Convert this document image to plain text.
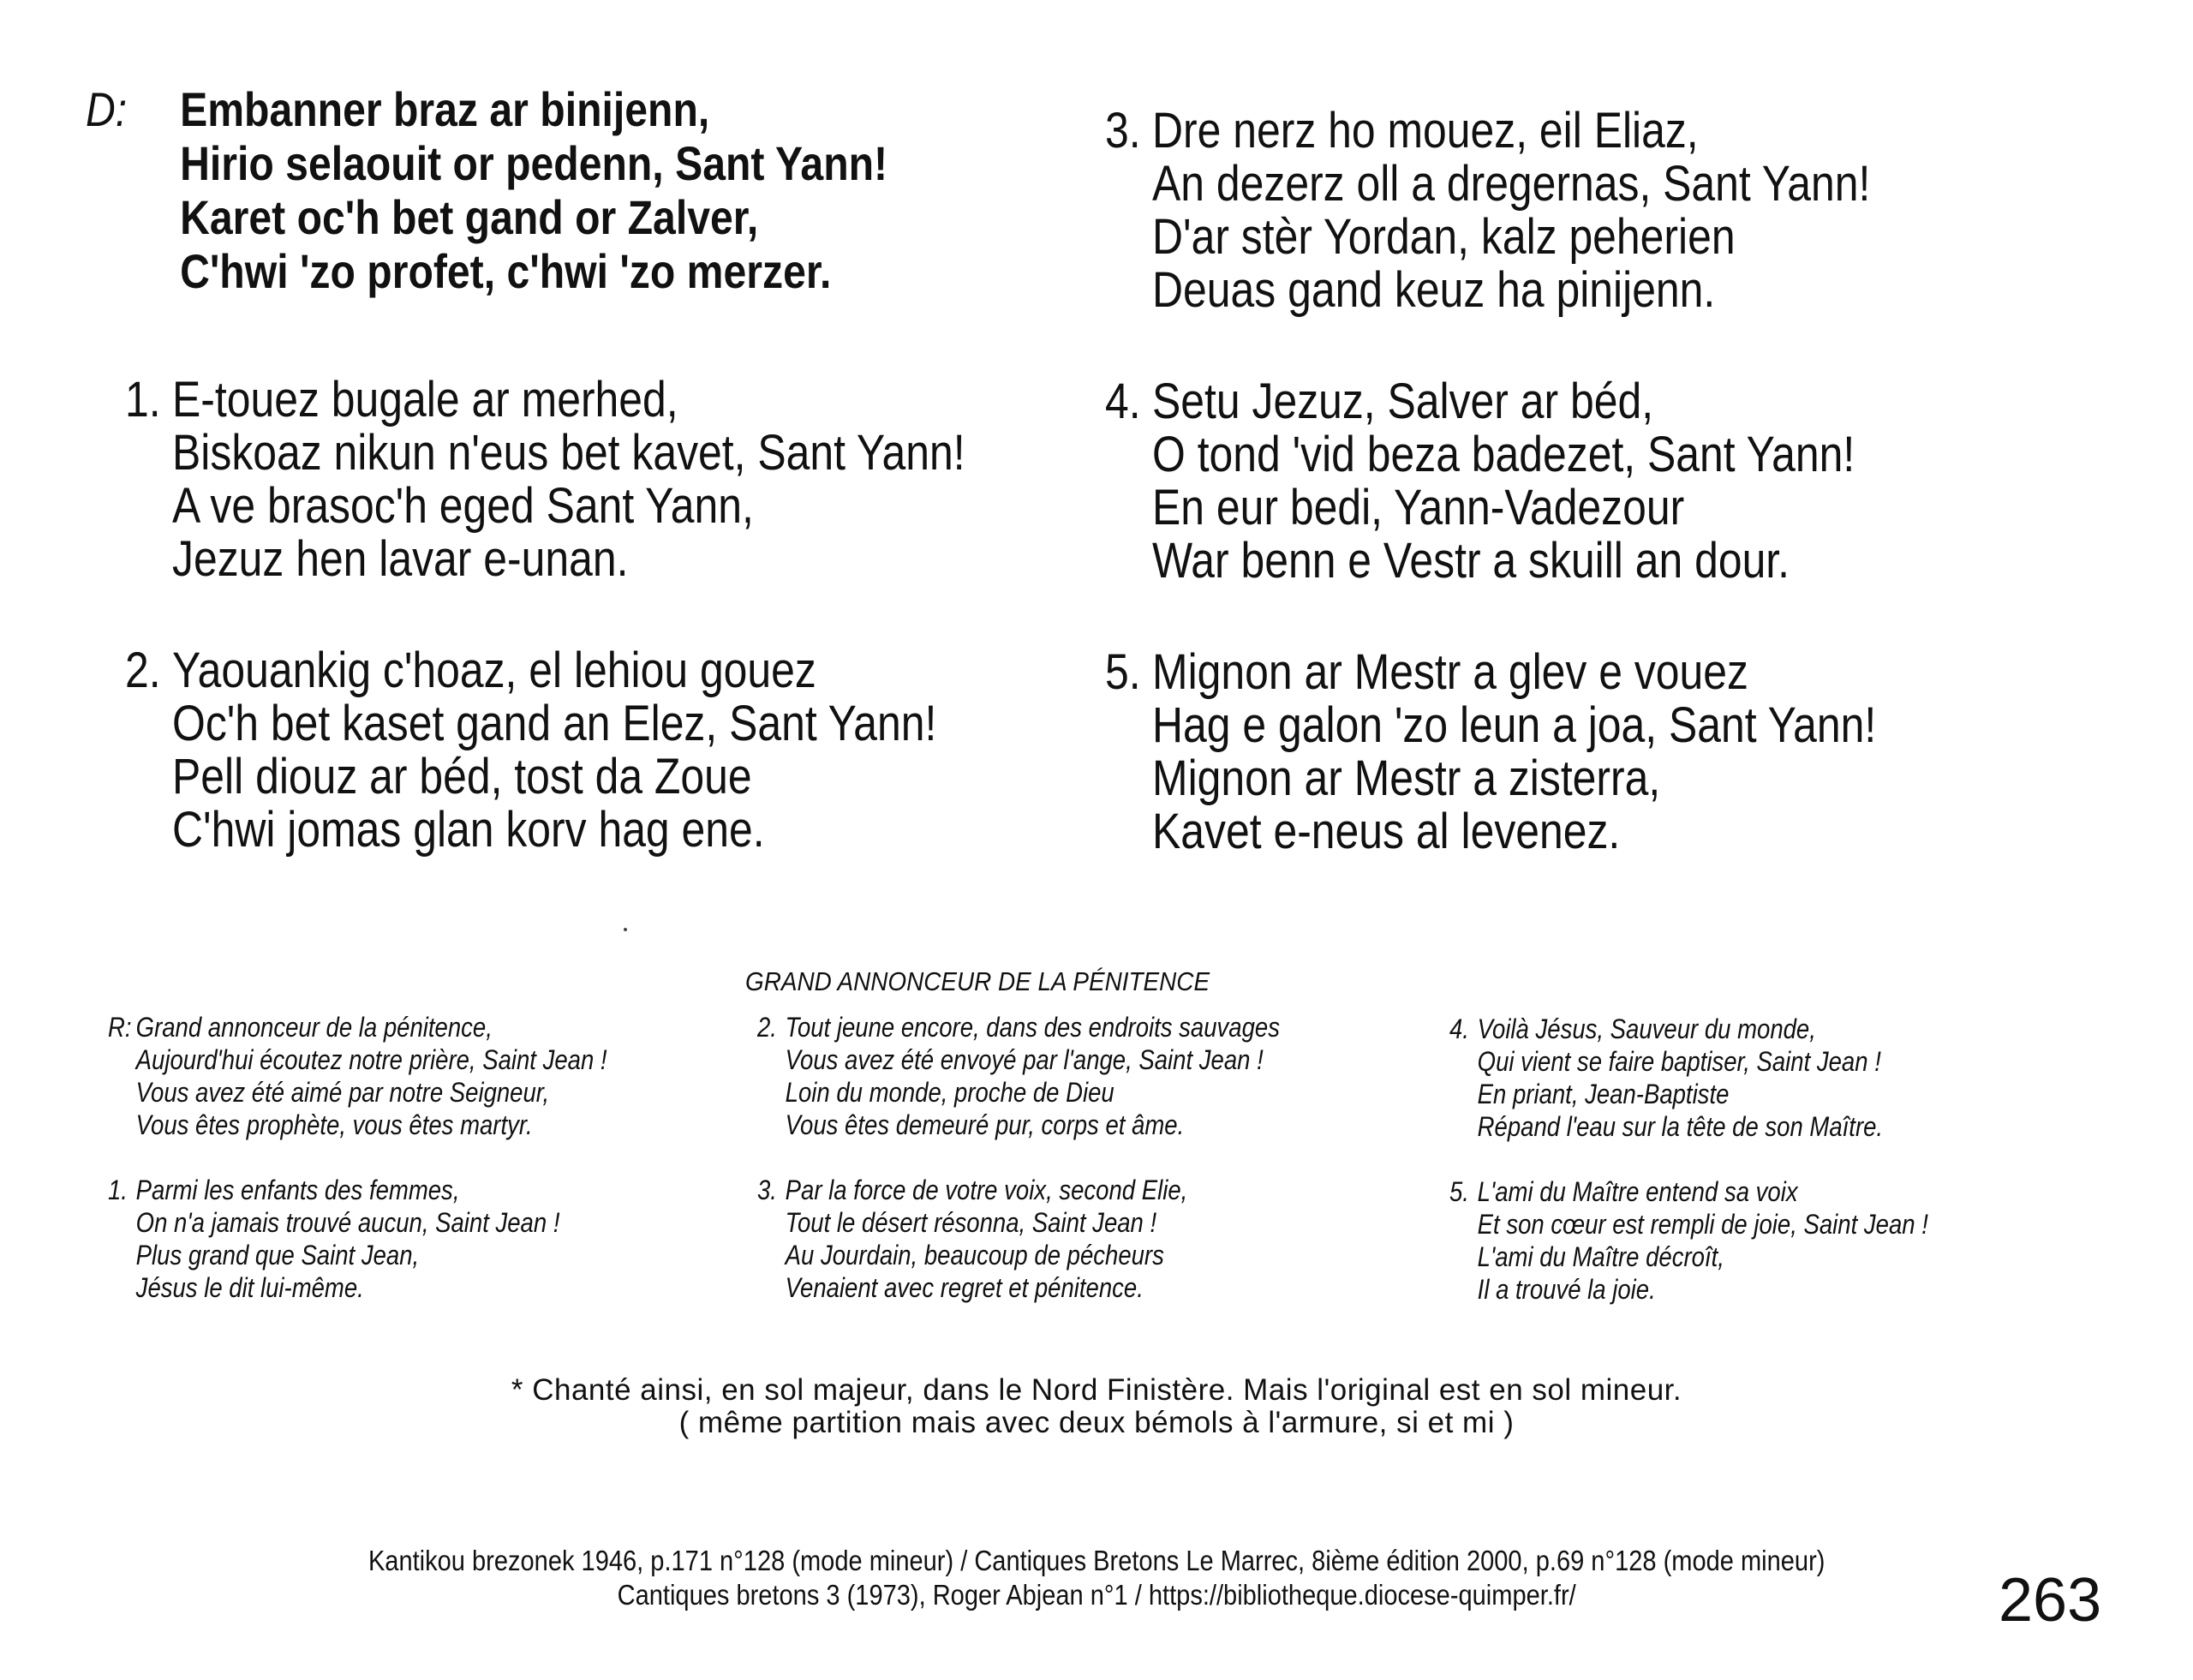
D: Embanner braz ar binijenn,
Hirio selaouit or pedenn, Sant Yann!
Karet oc'h bet gand or Zalver,
C'hwi 'zo profet, c'hwi 'zo merzer.
1. E-touez bugale ar merhed,
Biskoaz nikun n'eus bet kavet, Sant Yann!
A ve brasoc'h eged Sant Yann,
Jezuz hen lavar e-unan.
2. Yaouankig c'hoaz, el lehiou gouez
Oc'h bet kaset gand an Elez, Sant Yann!
Pell diouz ar béd, tost da Zoue
C'hwi jomas glan korv hag ene.
3. Dre nerz ho mouez, eil Eliaz,
An dezerz oll a dregernas, Sant Yann!
D'ar stèr Yordan, kalz peherien
Deuas gand keuz ha pinijenn.
4. Setu Jezuz, Salver ar béd,
O tond 'vid beza badezet, Sant Yann!
En eur bedi, Yann-Vadezour
War benn e Vestr a skuill an dour.
5. Mignon ar Mestr a glev e vouez
Hag e galon 'zo leun a joa, Sant Yann!
Mignon ar Mestr a zisterra,
Kavet e-neus al levenez.
GRAND ANNONCEUR DE LA PÉNITENCE
R: Grand annonceur de la pénitence,
Aujourd'hui écoutez notre prière, Saint Jean !
Vous avez été aimé par notre Seigneur,
Vous êtes prophète, vous êtes martyr.
1. Parmi les enfants des femmes,
On n'a jamais trouvé aucun, Saint Jean !
Plus grand que Saint Jean,
Jésus le dit lui-même.
2. Tout jeune encore, dans des endroits sauvages
Vous avez été envoyé par l'ange, Saint Jean !
Loin du monde, proche de Dieu
Vous êtes demeuré pur, corps et âme.
3. Par la force de votre voix, second Elie,
Tout le désert résonna, Saint Jean !
Au Jourdain, beaucoup de pécheurs
Venaient avec regret et pénitence.
4. Voilà Jésus, Sauveur du monde,
Qui vient se faire baptiser, Saint Jean !
En priant, Jean-Baptiste
Répand l'eau sur la tête de son Maître.
5. L'ami du Maître entend sa voix
Et son cœur est rempli de joie, Saint Jean !
L'ami du Maître décroît,
Il a trouvé la joie.
* Chanté ainsi, en sol majeur, dans le Nord Finistère. Mais l'original est en sol mineur.
( même partition mais avec deux bémols à l'armure, si et mi )
Kantikou brezonek 1946, p.171 n°128 (mode mineur) / Cantiques Bretons Le Marrec, 8ième édition 2000, p.69 n°128 (mode mineur)
Cantiques bretons 3 (1973), Roger Abjean n°1 / https://bibliotheque.diocese-quimper.fr/	263
